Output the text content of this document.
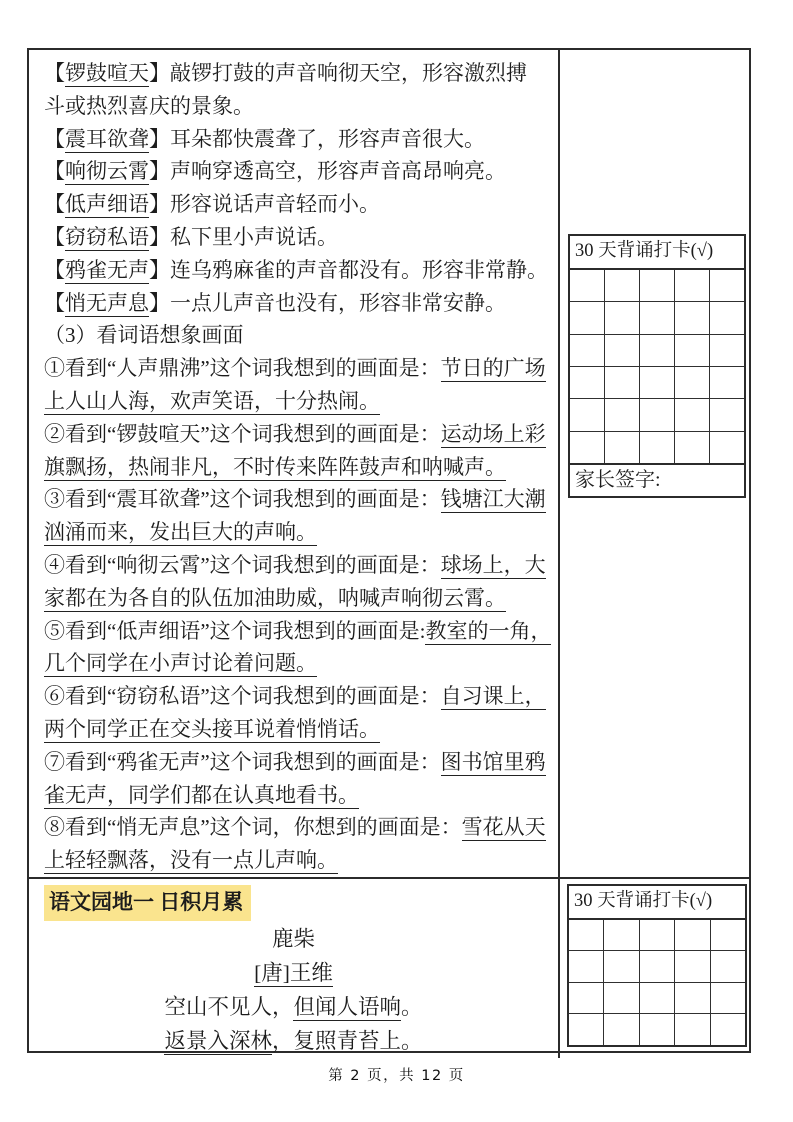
【锣鼓喧天】敲锣打鼓的声音响彻天空，形容激烈搏
斗或热烈喜庆的景象。
【震耳欲聋】耳朵都快震聋了，形容声音很大。
【响彻云霄】声响穿透高空，形容声音高昂响亮。
【低声细语】形容说话声音轻而小。
【窃窃私语】私下里小声说话。
【鸦雀无声】连乌鸦麻雀的声音都没有。形容非常静。
【悄无声息】一点儿声音也没有，形容非常安静。
（3）看词语想象画面
①看到“人声鼎沸”这个词我想到的画面是：节日的广场
上人山人海，欢声笑语，十分热闹。
②看到“锣鼓喧天”这个词我想到的画面是：运动场上彩
旗飘扬，热闹非凡，不时传来阵阵鼓声和呐喊声。
③看到“震耳欲聋”这个词我想到的画面是：钱塘江大潮
汹涌而来，发出巨大的声响。
④看到“响彻云霄”这个词我想到的画面是：球场上，大
家都在为各自的队伍加油助威，呐喊声响彻云霄。
⑤看到“低声细语”这个词我想到的画面是:教室的一角，
几个同学在小声讨论着问题。
⑥看到“窃窃私语”这个词我想到的画面是：自习课上，
两个同学正在交头接耳说着悄悄话。
⑦看到“鸦雀无声”这个词我想到的画面是：图书馆里鸦
雀无声，同学们都在认真地看书。
⑧看到“悄无声息”这个词，你想到的画面是：雪花从天
上轻轻飘落，没有一点儿声响。
30 天背诵打卡(√)
家长签字:
语文园地一 日积月累
鹿柴
[唐]王维
空山不见人，但闻人语响。
返景入深林，复照青苔上。
30 天背诵打卡(√)
第 2 页，共 12 页
